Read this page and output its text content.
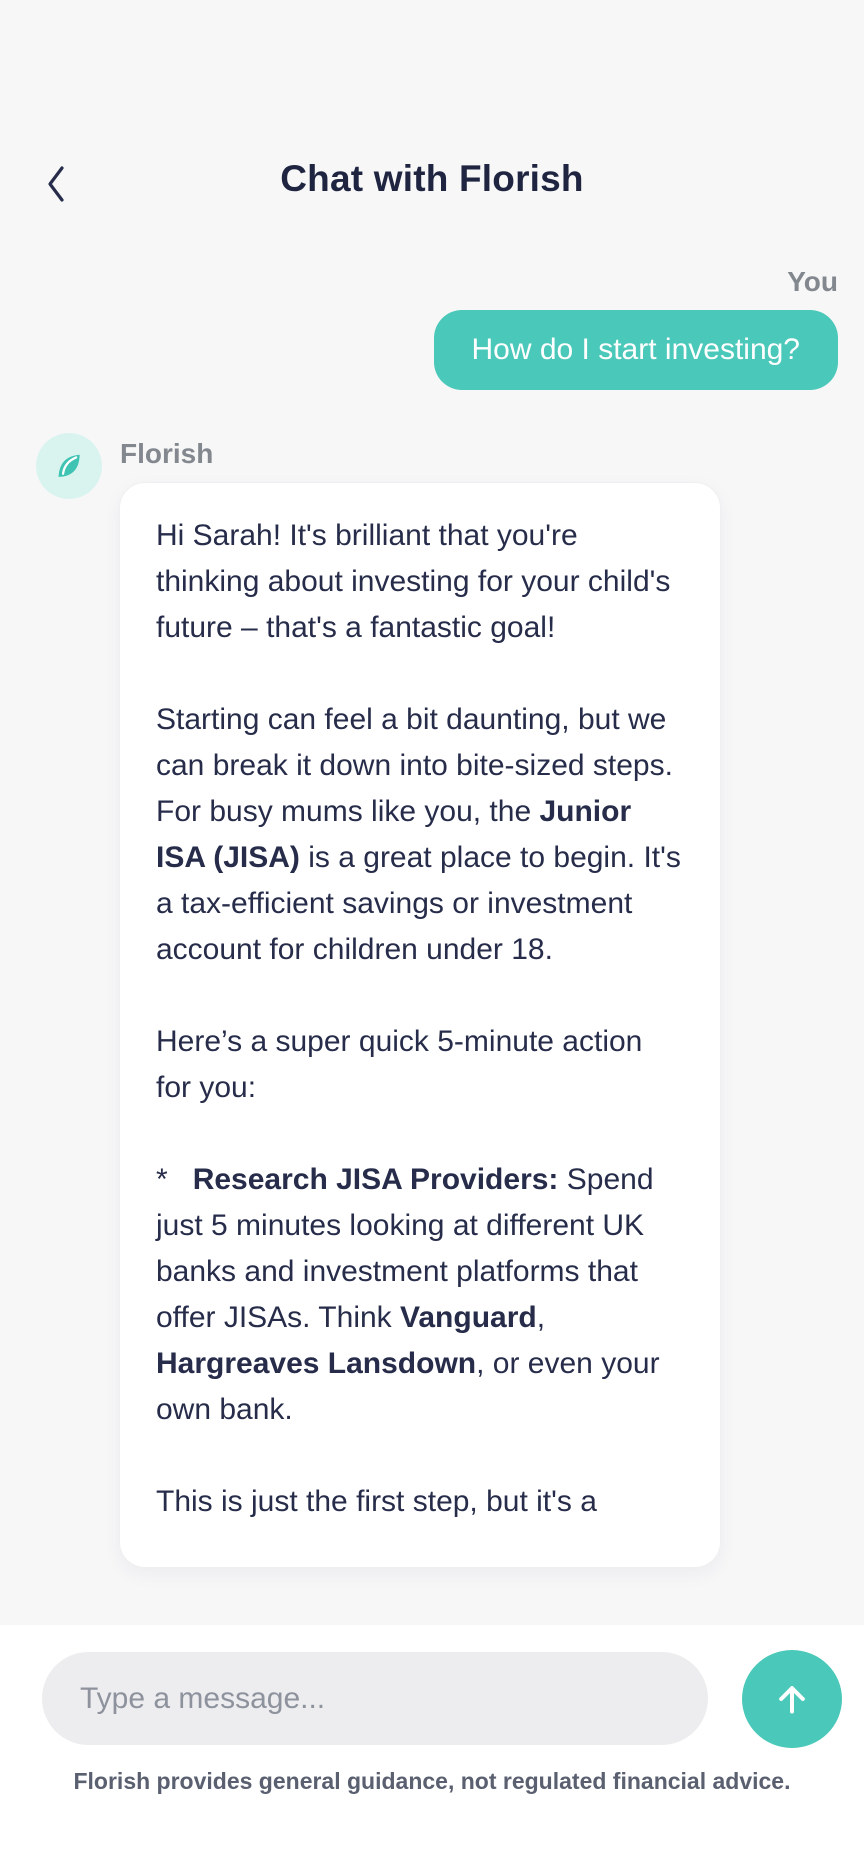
Chat with Florish
You
How do I start investing?
Florish

Hi Sarah! It's brilliant that you're thinking about investing for your child's future – that's a fantastic goal!

Starting can feel a bit daunting, but we can break it down into bite-sized steps. For busy mums like you, the Junior ISA (JISA) is a great place to begin. It's a tax-efficient savings or investment account for children under 18.

Here’s a super quick 5-minute action for you:

*   Research JISA Providers: Spend just 5 minutes looking at different UK banks and investment platforms that offer JISAs. Think Vanguard, Hargreaves Lansdown, or even your own bank.

This is just the first step, but it's a

Type a message...
Florish provides general guidance, not regulated financial advice.
